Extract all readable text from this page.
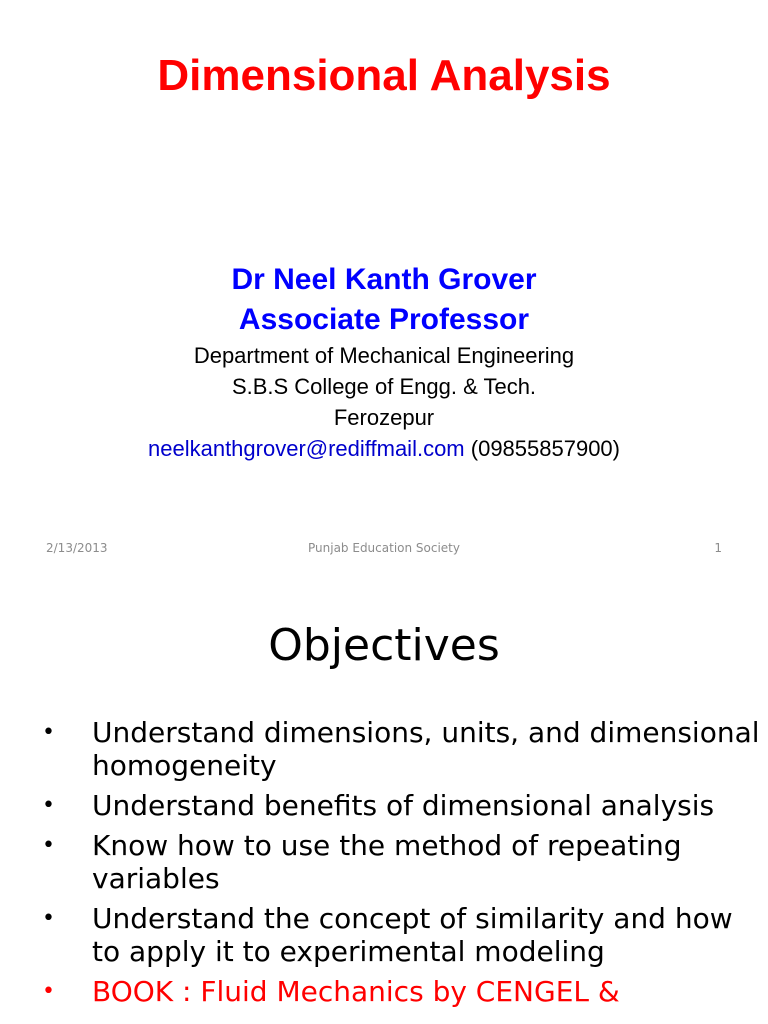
Dimensional Analysis

Dr Neel Kanth Grover

Associate Professor

Department of Mechanical Engineering

S.B.S College of Engg. & Tech.

Ferozepur

neelkanthgrover@rediffmail.com (09855857900)

2/13/2013	Punjab Education Society	1
Objectives
• Understand dimensions, units, and dimensional homogeneity
• Understand benefits of dimensional analysis
• Know how to use the method of repeating variables
• Understand the concept of similarity and how to apply it to experimental modeling
• BOOK : Fluid Mechanics by CENGEL &
